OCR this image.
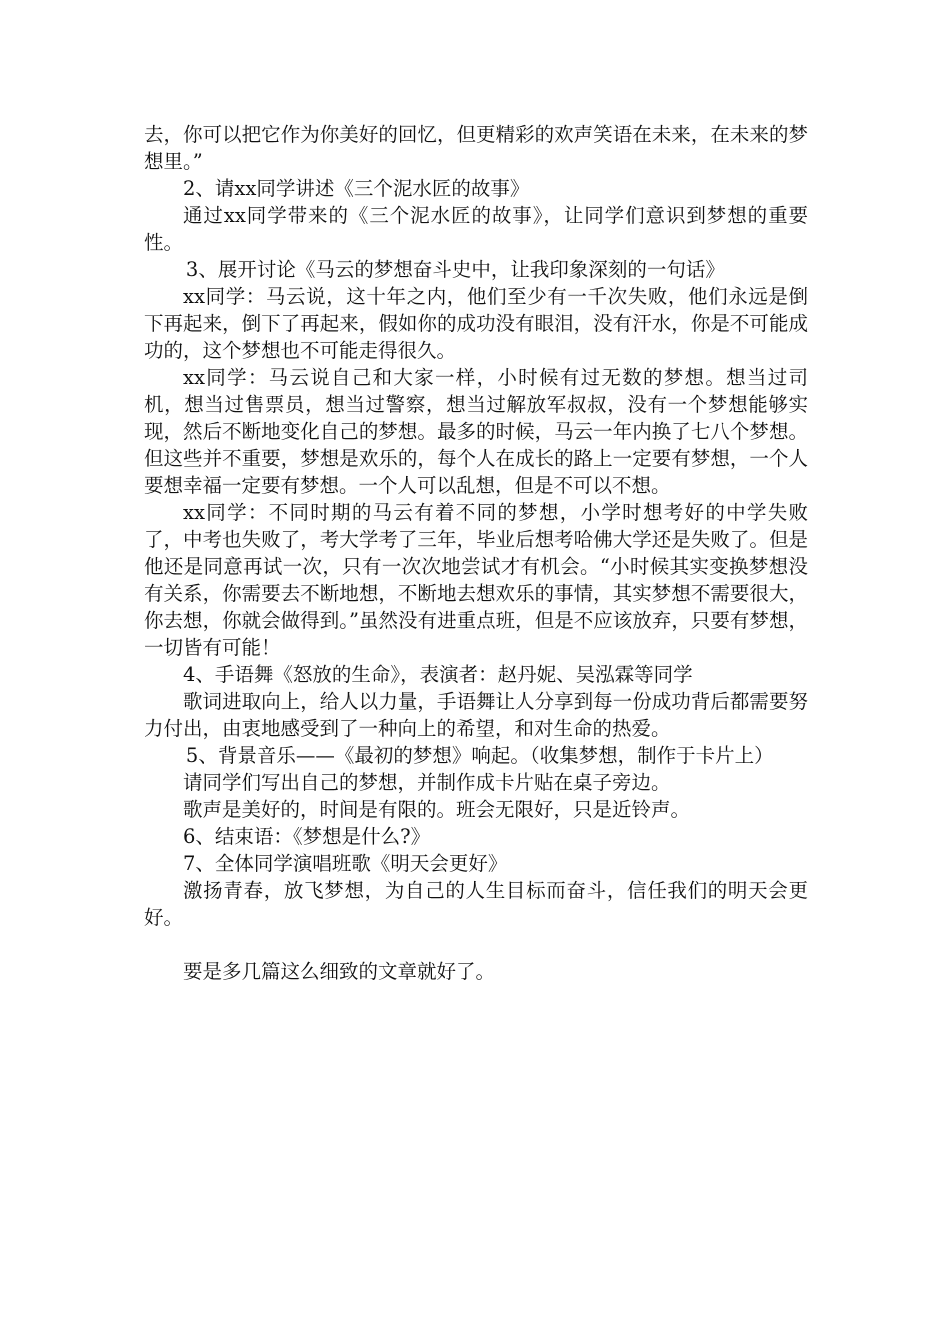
去，你可以把它作为你美好的回忆，但更精彩的欢声笑语在未来，在未来的梦想里。”

2、请xx同学讲述《三个泥水匠的故事》

通过xx同学带来的《三个泥水匠的故事》，让同学们意识到梦想的重要性。

3、展开讨论《马云的梦想奋斗史中，让我印象深刻的一句话》

xx同学：马云说，这十年之内，他们至少有一千次失败，他们永远是倒下再起来，倒下了再起来，假如你的成功没有眼泪，没有汗水，你是不可能成功的，这个梦想也不可能走得很久。

xx同学：马云说自己和大家一样，小时候有过无数的梦想。想当过司机，想当过售票员，想当过警察，想当过解放军叔叔，没有一个梦想能够实现，然后不断地变化自己的梦想。最多的时候，马云一年内换了七八个梦想。但这些并不重要，梦想是欢乐的，每个人在成长的路上一定要有梦想，一个人要想幸福一定要有梦想。一个人可以乱想，但是不可以不想。

xx同学：不同时期的马云有着不同的梦想，小学时想考好的中学失败了，中考也失败了，考大学考了三年，毕业后想考哈佛大学还是失败了。但是他还是同意再试一次，只有一次次地尝试才有机会。“小时候其实变换梦想没有关系，你需要去不断地想，不断地去想欢乐的事情，其实梦想不需要很大，你去想，你就会做得到。”虽然没有进重点班，但是不应该放弃，只要有梦想，一切皆有可能！

4、手语舞《怒放的生命》，表演者：赵丹妮、吴泓霖等同学

歌词进取向上，给人以力量，手语舞让人分享到每一份成功背后都需要努力付出，由衷地感受到了一种向上的希望，和对生命的热爱。

5、背景音乐——《最初的梦想》响起。（收集梦想，制作于卡片上）

请同学们写出自己的梦想，并制作成卡片贴在桌子旁边。

歌声是美好的，时间是有限的。班会无限好，只是近铃声。

6、结束语：《梦想是什么?》

7、全体同学演唱班歌《明天会更好》

激扬青春，放飞梦想，为自己的人生目标而奋斗，信任我们的明天会更好。

要是多几篇这么细致的文章就好了。
